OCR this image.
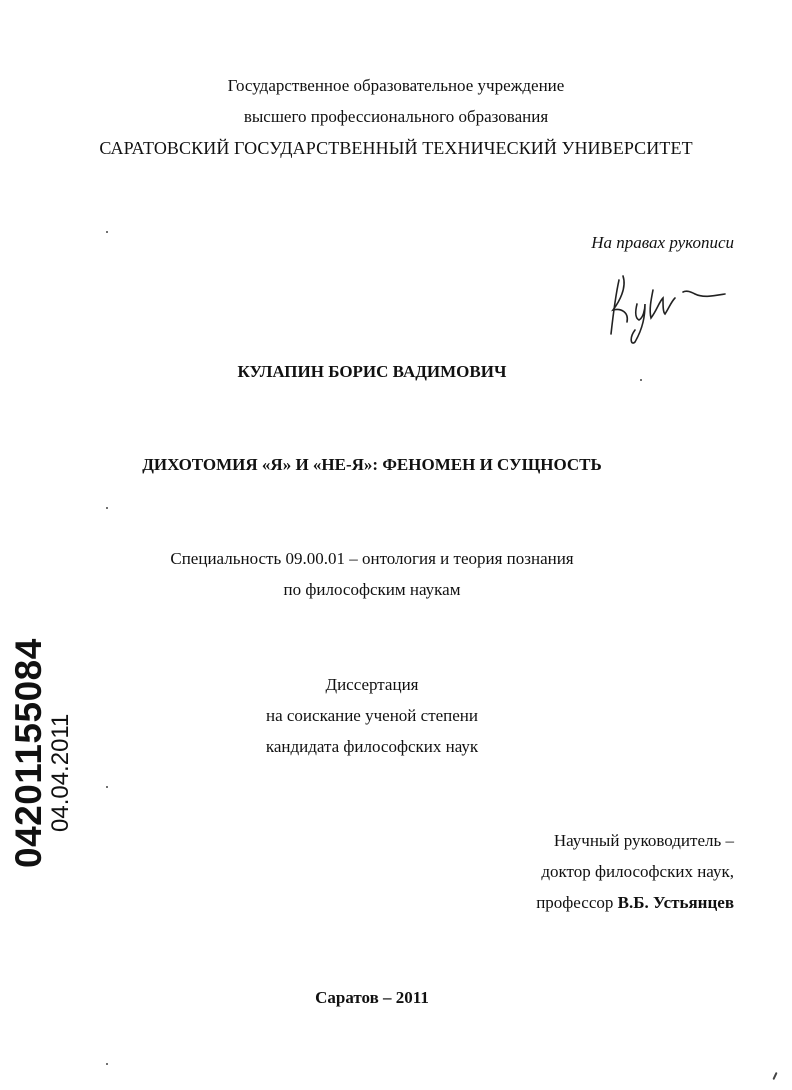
Государственное образовательное учреждение
высшего профессионального образования
САРАТОВСКИЙ ГОСУДАРСТВЕННЫЙ ТЕХНИЧЕСКИЙ УНИВЕРСИТЕТ
На правах рукописи
КУЛАПИН БОРИС ВАДИМОВИЧ
ДИХОТОМИЯ «Я» И «НЕ-Я»: ФЕНОМЕН И СУЩНОСТЬ
Специальность 09.00.01 – онтология и теория познания
по философским наукам
Диссертация
на соискание ученой степени
кандидата философских наук
Научный руководитель –
доктор философских наук,
профессор В.Б. Устьянцев
Саратов – 2011
04201155084
04.04.2011
